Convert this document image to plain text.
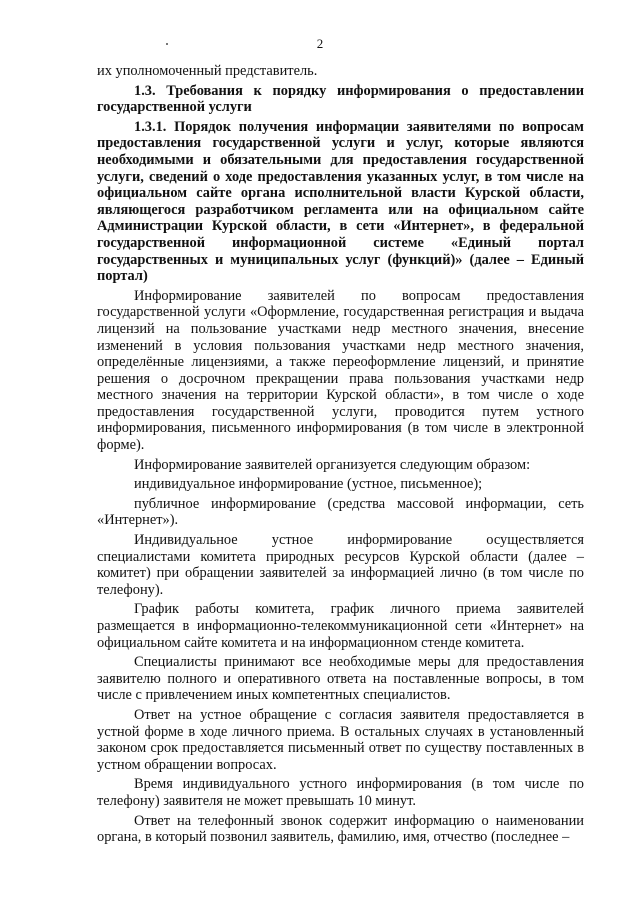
2

их уполномоченный представитель.

1.3. Требования к порядку информирования о предоставлении государственной услуги

1.3.1. Порядок получения информации заявителями по вопросам предоставления государственной услуги и услуг, которые являются необходимыми и обязательными для предоставления государственной услуги, сведений о ходе предоставления указанных услуг, в том числе на официальном сайте органа исполнительной власти Курской области, являющегося разработчиком регламента или на официальном сайте Администрации Курской области, в сети «Интернет», в федеральной государственной информационной системе «Единый портал государственных и муниципальных услуг (функций)» (далее – Единый портал)

Информирование заявителей по вопросам предоставления государственной услуги «Оформление, государственная регистрация и выдача лицензий на пользование участками недр местного значения, внесение изменений в условия пользования участками недр местного значения, определённые лицензиями, а также переоформление лицензий, и принятие решения о досрочном прекращении права пользования участками недр местного значения на территории Курской области», в том числе о ходе предоставления государственной услуги, проводится путем устного информирования, письменного информирования (в том числе в электронной форме).

Информирование заявителей организуется следующим образом:

индивидуальное информирование (устное, письменное);

публичное информирование (средства массовой информации, сеть «Интернет»).

Индивидуальное устное информирование осуществляется специалистами комитета природных ресурсов Курской области (далее – комитет) при обращении заявителей за информацией лично (в том числе по телефону).

График работы комитета, график личного приема заявителей размещается в информационно-телекоммуникационной сети «Интернет» на официальном сайте комитета и на информационном стенде комитета.

Специалисты принимают все необходимые меры для предоставления заявителю полного и оперативного ответа на поставленные вопросы, в том числе с привлечением иных компетентных специалистов.

Ответ на устное обращение с согласия заявителя предоставляется в устной форме в ходе личного приема. В остальных случаях в установленный законом срок предоставляется письменный ответ по существу поставленных в устном обращении вопросах.

Время индивидуального устного информирования (в том числе по телефону) заявителя не может превышать 10 минут.

Ответ на телефонный звонок содержит информацию о наименовании органа, в который позвонил заявитель, фамилию, имя, отчество (последнее –
